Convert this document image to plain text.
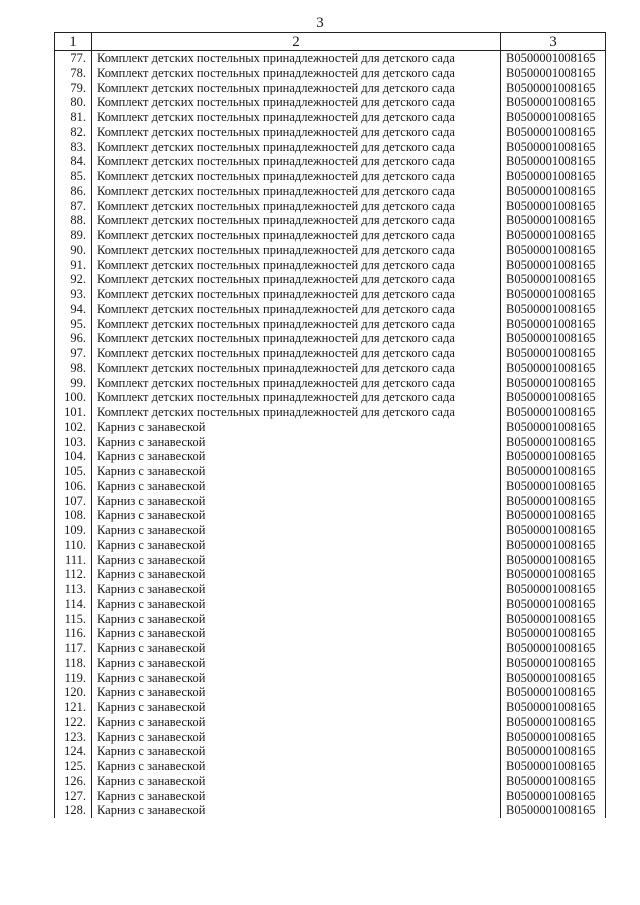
3
1	2	3
77.	Комплект детских постельных принадлежностей для детского сада	B0500001008165
78.	Комплект детских постельных принадлежностей для детского сада	B0500001008165
79.	Комплект детских постельных принадлежностей для детского сада	B0500001008165
80.	Комплект детских постельных принадлежностей для детского сада	B0500001008165
81.	Комплект детских постельных принадлежностей для детского сада	B0500001008165
82.	Комплект детских постельных принадлежностей для детского сада	B0500001008165
83.	Комплект детских постельных принадлежностей для детского сада	B0500001008165
84.	Комплект детских постельных принадлежностей для детского сада	B0500001008165
85.	Комплект детских постельных принадлежностей для детского сада	B0500001008165
86.	Комплект детских постельных принадлежностей для детского сада	B0500001008165
87.	Комплект детских постельных принадлежностей для детского сада	B0500001008165
88.	Комплект детских постельных принадлежностей для детского сада	B0500001008165
89.	Комплект детских постельных принадлежностей для детского сада	B0500001008165
90.	Комплект детских постельных принадлежностей для детского сада	B0500001008165
91.	Комплект детских постельных принадлежностей для детского сада	B0500001008165
92.	Комплект детских постельных принадлежностей для детского сада	B0500001008165
93.	Комплект детских постельных принадлежностей для детского сада	B0500001008165
94.	Комплект детских постельных принадлежностей для детского сада	B0500001008165
95.	Комплект детских постельных принадлежностей для детского сада	B0500001008165
96.	Комплект детских постельных принадлежностей для детского сада	B0500001008165
97.	Комплект детских постельных принадлежностей для детского сада	B0500001008165
98.	Комплект детских постельных принадлежностей для детского сада	B0500001008165
99.	Комплект детских постельных принадлежностей для детского сада	B0500001008165
100.	Комплект детских постельных принадлежностей для детского сада	B0500001008165
101.	Комплект детских постельных принадлежностей для детского сада	B0500001008165
102.	Карниз с занавеской	B0500001008165
103.	Карниз с занавеской	B0500001008165
104.	Карниз с занавеской	B0500001008165
105.	Карниз с занавеской	B0500001008165
106.	Карниз с занавеской	B0500001008165
107.	Карниз с занавеской	B0500001008165
108.	Карниз с занавеской	B0500001008165
109.	Карниз с занавеской	B0500001008165
110.	Карниз с занавеской	B0500001008165
111.	Карниз с занавеской	B0500001008165
112.	Карниз с занавеской	B0500001008165
113.	Карниз с занавеской	B0500001008165
114.	Карниз с занавеской	B0500001008165
115.	Карниз с занавеской	B0500001008165
116.	Карниз с занавеской	B0500001008165
117.	Карниз с занавеской	B0500001008165
118.	Карниз с занавеской	B0500001008165
119.	Карниз с занавеской	B0500001008165
120.	Карниз с занавеской	B0500001008165
121.	Карниз с занавеской	B0500001008165
122.	Карниз с занавеской	B0500001008165
123.	Карниз с занавеской	B0500001008165
124.	Карниз с занавеской	B0500001008165
125.	Карниз с занавеской	B0500001008165
126.	Карниз с занавеской	B0500001008165
127.	Карниз с занавеской	B0500001008165
128.	Карниз с занавеской	B0500001008165
